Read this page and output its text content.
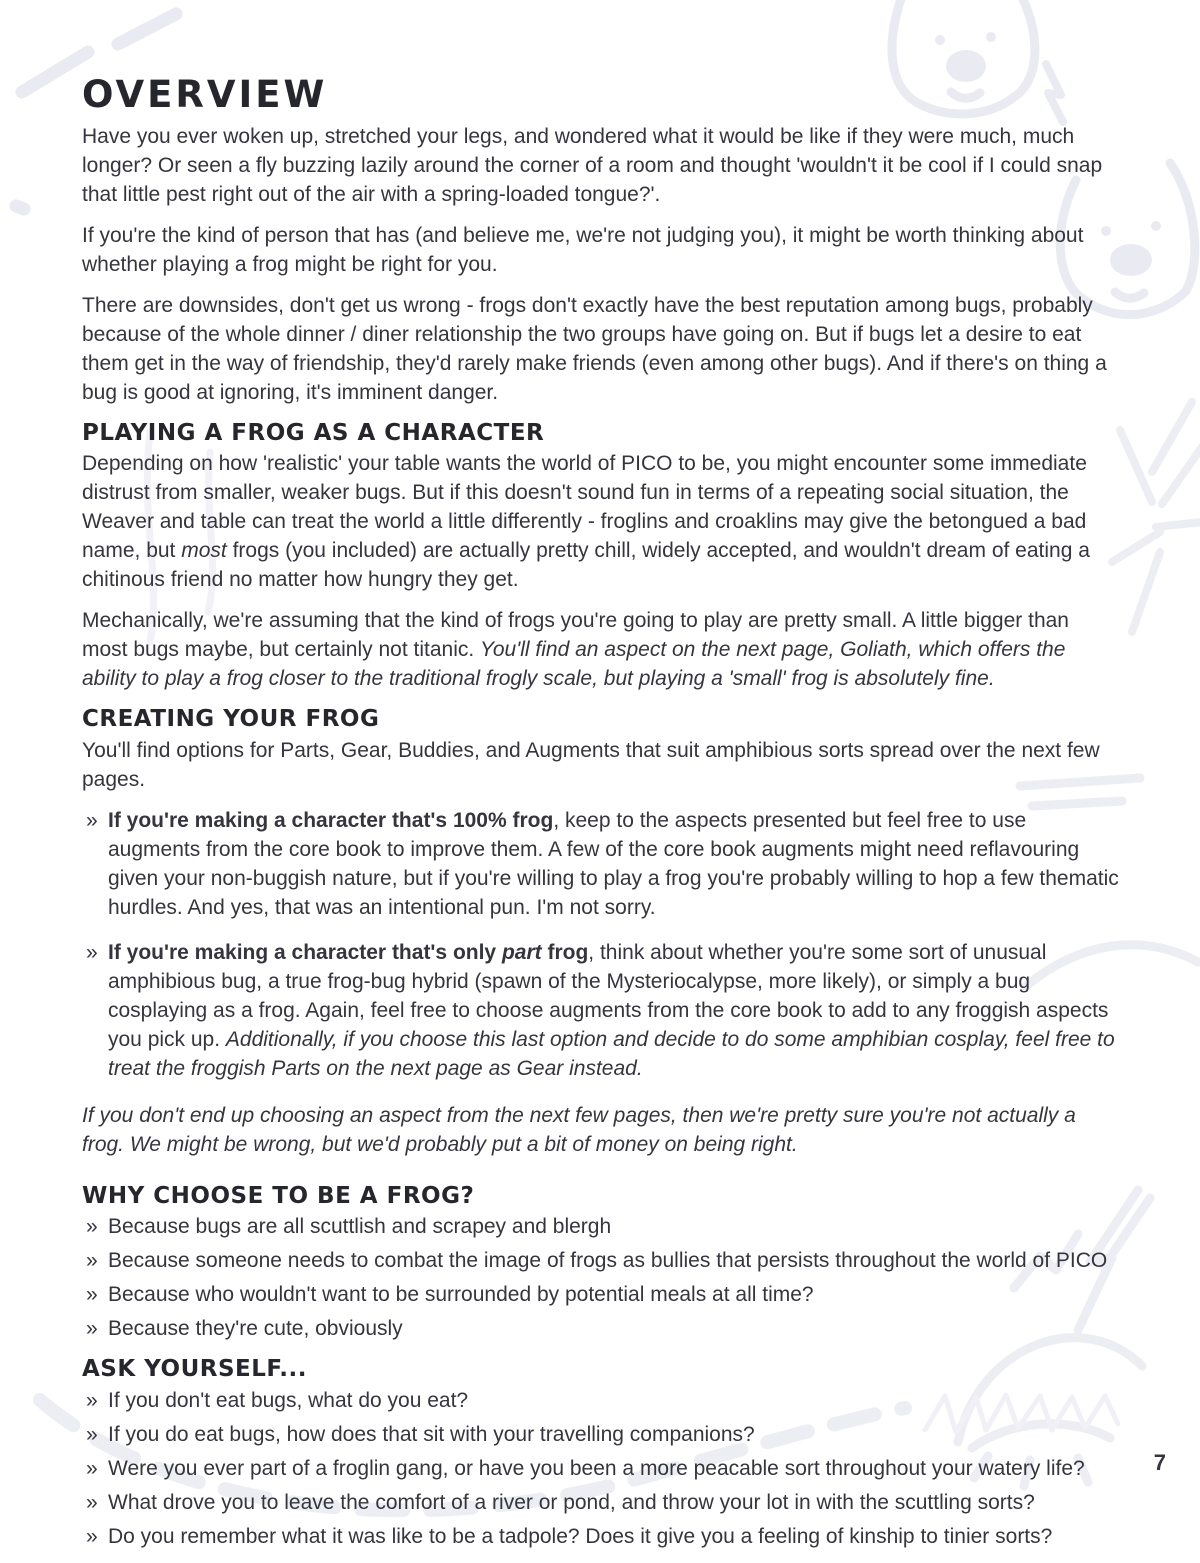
OVERVIEW

Have you ever woken up, stretched your legs, and wondered what it would be like if they were much, much longer? Or seen a fly buzzing lazily around the corner of a room and thought 'wouldn't it be cool if I could snap that little pest right out of the air with a spring-loaded tongue?'.

If you're the kind of person that has (and believe me, we're not judging you), it might be worth thinking about whether playing a frog might be right for you.

There are downsides, don't get us wrong - frogs don't exactly have the best reputation among bugs, probably because of the whole dinner / diner relationship the two groups have going on. But if bugs let a desire to eat them get in the way of friendship, they'd rarely make friends (even among other bugs). And if there's on thing a bug is good at ignoring, it's imminent danger.

PLAYING A FROG AS A CHARACTER

Depending on how 'realistic' your table wants the world of PICO to be, you might encounter some immediate distrust from smaller, weaker bugs. But if this doesn't sound fun in terms of a repeating social situation, the Weaver and table can treat the world a little differently - froglins and croaklins may give the betongued a bad name, but most frogs (you included) are actually pretty chill, widely accepted, and wouldn't dream of eating a chitinous friend no matter how hungry they get.

Mechanically, we're assuming that the kind of frogs you're going to play are pretty small. A little bigger than most bugs maybe, but certainly not titanic. You'll find an aspect on the next page, Goliath, which offers the ability to play a frog closer to the traditional frogly scale, but playing a 'small' frog is absolutely fine.

CREATING YOUR FROG

You'll find options for Parts, Gear, Buddies, and Augments that suit amphibious sorts spread over the next few pages.

» If you're making a character that's 100% frog, keep to the aspects presented but feel free to use augments from the core book to improve them. A few of the core book augments might need reflavouring given your non-buggish nature, but if you're willing to play a frog you're probably willing to hop a few thematic hurdles. And yes, that was an intentional pun. I'm not sorry.
» If you're making a character that's only part frog, think about whether you're some sort of unusual amphibious bug, a true frog-bug hybrid (spawn of the Mysteriocalypse, more likely), or simply a bug cosplaying as a frog. Again, feel free to choose augments from the core book to add to any froggish aspects you pick up. Additionally, if you choose this last option and decide to do some amphibian cosplay, feel free to treat the froggish Parts on the next page as Gear instead.

If you don't end up choosing an aspect from the next few pages, then we're pretty sure you're not actually a frog. We might be wrong, but we'd probably put a bit of money on being right.

WHY CHOOSE TO BE A FROG?
» Because bugs are all scuttlish and scrapey and blergh
» Because someone needs to combat the image of frogs as bullies that persists throughout the world of PICO
» Because who wouldn't want to be surrounded by potential meals at all time?
» Because they're cute, obviously
ASK YOURSELF...
» If you don't eat bugs, what do you eat?
» If you do eat bugs, how does that sit with your travelling companions?
» Were you ever part of a froglin gang, or have you been a more peacable sort throughout your watery life?
» What drove you to leave the comfort of a river or pond, and throw your lot in with the scuttling sorts?
» Do you remember what it was like to be a tadpole? Does it give you a feeling of kinship to tinier sorts?
7
